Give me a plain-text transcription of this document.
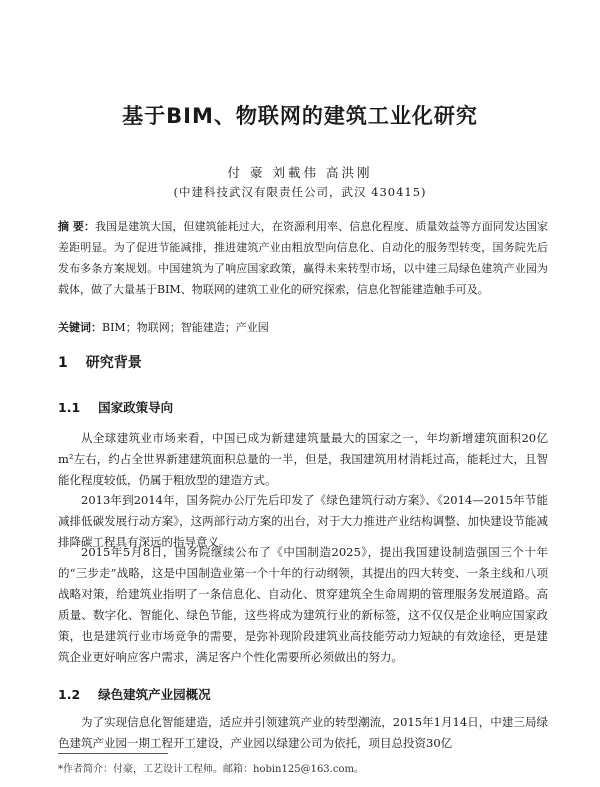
基于BIM、物联网的建筑工业化研究
付 豪 刘載伟 高洪刚
(中建科技武汉有限责任公司，武汉 430415)
摘 要：我国是建筑大国，但建筑能耗过大，在资源利用率、信息化程度、质量效益等方面同发达国家差距明显。为了促进节能减排，推进建筑产业由粗放型向信息化、自动化的服务型转变，国务院先后发布多条方案规划。中国建筑为了响应国家政策，赢得未来转型市场，以中建三局绿色建筑产业园为载体，做了大量基于BIM、物联网的建筑工业化的研究探索，信息化智能建造触手可及。
关键词：BIM；物联网；智能建造；产业园
1 研究背景
1.1 国家政策导向

从全球建筑业市场来看，中国已成为新建建筑量最大的国家之一，年均新增建筑面积20亿m²左右，约占全世界新建建筑面积总量的一半，但是，我国建筑用材消耗过高，能耗过大，且智能化程度较低，仍属于粗放型的建造方式。

2013年到2014年，国务院办公厅先后印发了《绿色建筑行动方案》、《2014—2015年节能减排低碳发展行动方案》，这两部行动方案的出台，对于大力推进产业结构调整、加快建设节能减排降碳工程具有深远的指导意义。

2015年5月8日，国务院继续公布了《中国制造2025》，提出我国建设制造强国三个十年的“三步走”战略，这是中国制造业第一个十年的行动纲领，其提出的四大转变、一条主线和八项战略对策，给建筑业指明了一条信息化、自动化、贯穿建筑全生命周期的管理服务发展道路。高质量、数字化、智能化、绿色节能，这些将成为建筑行业的新标签，这不仅仅是企业响应国家政策，也是建筑行业市场竞争的需要，是弥补现阶段建筑业高技能劳动力短缺的有效途径，更是建筑企业更好响应客户需求，满足客户个性化需要所必须做出的努力。

1.2 绿色建筑产业园概况

为了实现信息化智能建造，适应并引领建筑产业的转型潮流，2015年1月14日，中建三局绿色建筑产业园一期工程开工建设，产业园以绿建公司为依托，项目总投资30亿

*作者简介：付豪，工艺设计工程师。邮箱：hobin125@163.com。
